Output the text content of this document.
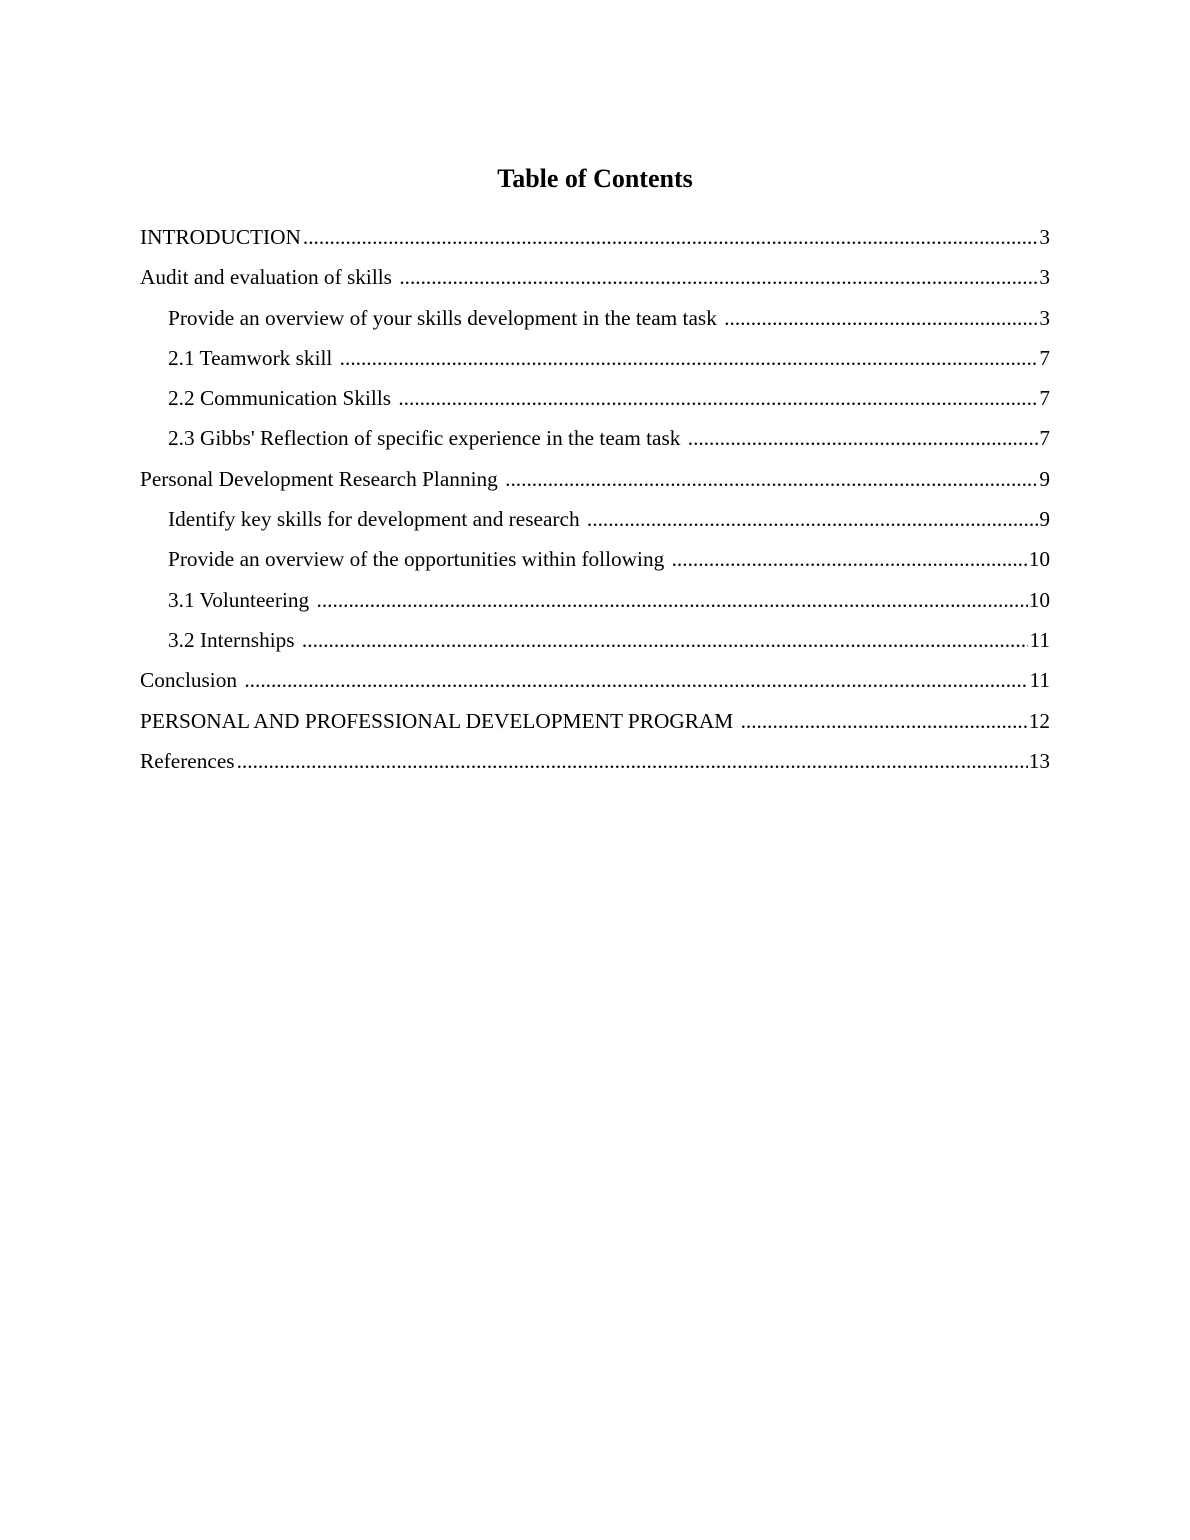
Table of Contents
INTRODUCTION .....	3
Audit and evaluation of skills .....	3
Provide an overview of your skills development in the team task .....	3
2.1 Teamwork skill .....	7
2.2 Communication Skills .....	7
2.3 Gibbs' Reflection of specific experience in the team task .....	7
Personal Development Research Planning .....	9
Identify key skills for development and research .....	9
Provide an overview of the opportunities within following .....	10
3.1 Volunteering .....	10
3.2 Internships .....	11
Conclusion .....	11
PERSONAL AND PROFESSIONAL DEVELOPMENT PROGRAM .....	12
References .....	13
